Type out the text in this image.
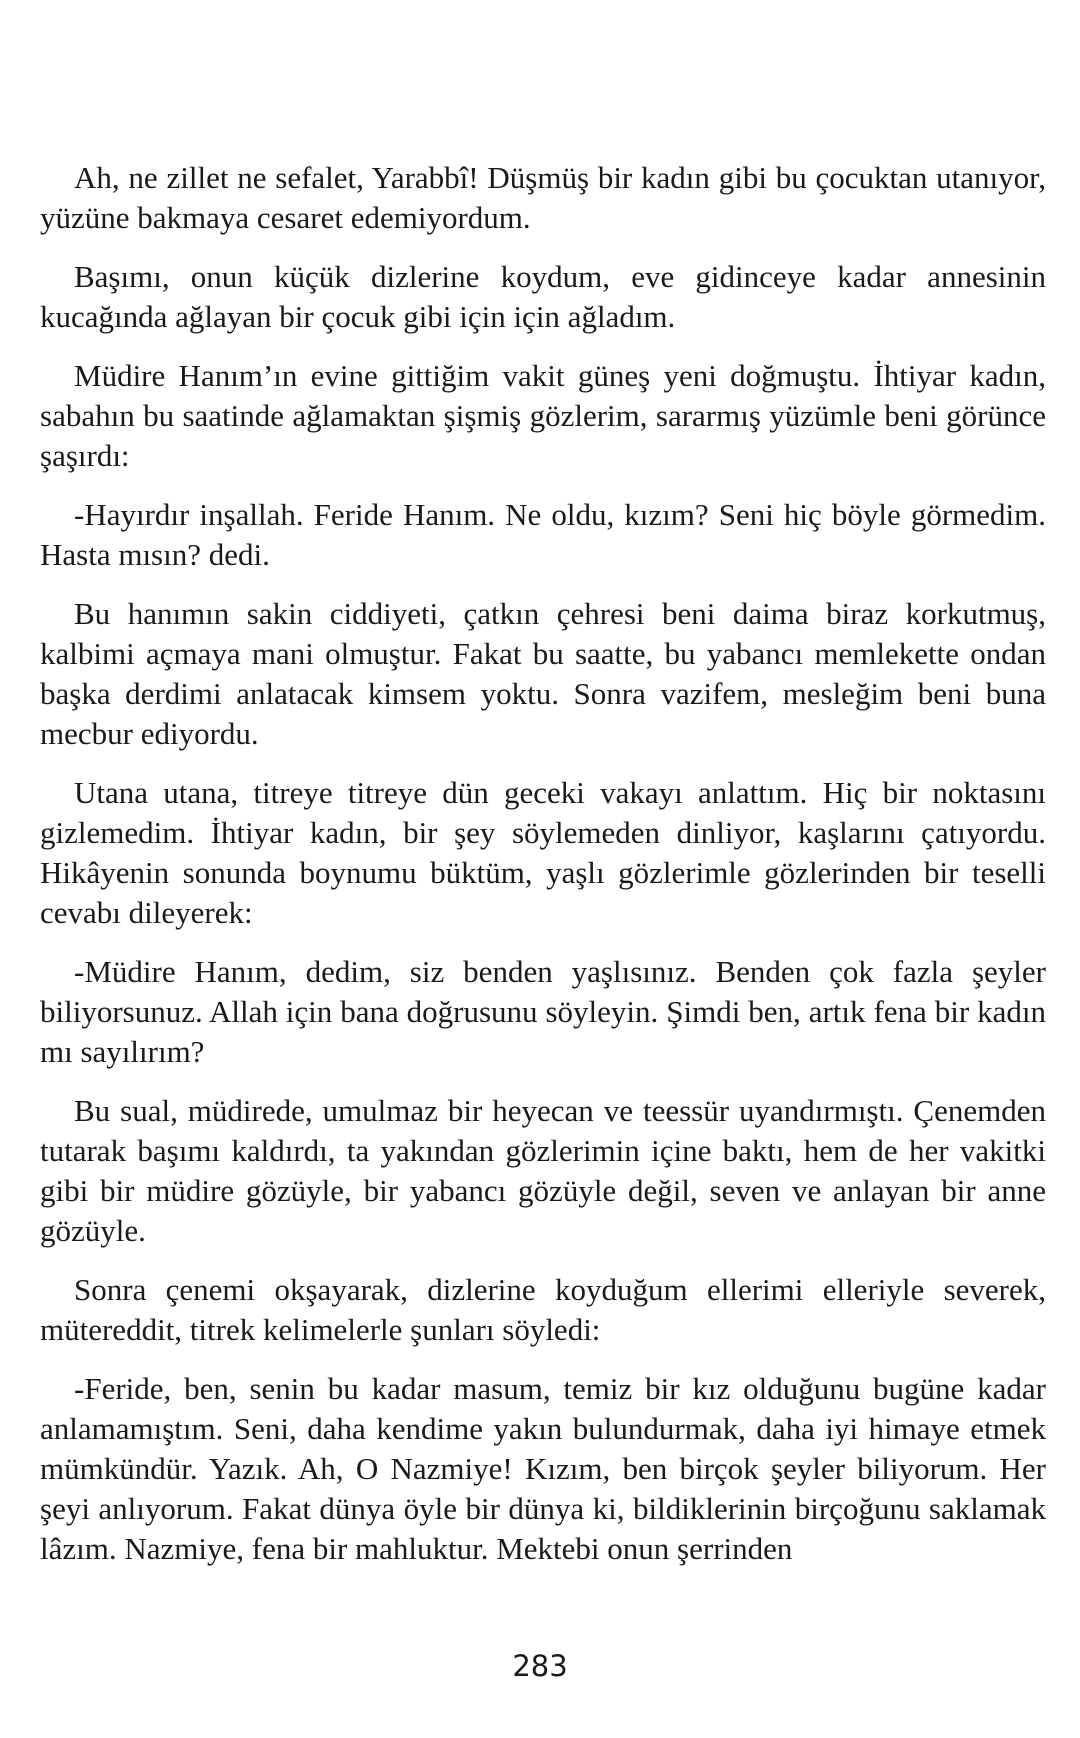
Ah, ne zillet ne sefalet, Yarabbî! Düşmüş bir kadın gibi bu çocuktan utanıyor, yüzüne bakmaya cesaret edemiyordum.

Başımı, onun küçük dizlerine koydum, eve gidinceye kadar annesinin kucağında ağlayan bir çocuk gibi için için ağladım.

Müdire Hanım’ın evine gittiğim vakit güneş yeni doğmuştu. İhtiyar kadın, sabahın bu saatinde ağlamaktan şişmiş gözlerim, sararmış yüzümle beni görünce şaşırdı:

-Hayırdır inşallah. Feride Hanım. Ne oldu, kızım? Seni hiç böyle görmedim. Hasta mısın? dedi.

Bu hanımın sakin ciddiyeti, çatkın çehresi beni daima biraz korkutmuş, kalbimi açmaya mani olmuştur. Fakat bu saatte, bu yabancı memlekette ondan başka derdimi anlatacak kimsem yoktu. Sonra vazifem, mesleğim beni buna mecbur ediyordu.

Utana utana, titreye titreye dün geceki vakayı anlattım. Hiç bir noktasını gizlemedim. İhtiyar kadın, bir şey söylemeden dinliyor, kaşlarını çatıyordu. Hikâyenin sonunda boynumu büktüm, yaşlı gözlerimle gözlerinden bir teselli cevabı dileyerek:

-Müdire Hanım, dedim, siz benden yaşlısınız. Benden çok fazla şeyler biliyorsunuz. Allah için bana doğrusunu söyleyin. Şimdi ben, artık fena bir kadın mı sayılırım?

Bu sual, müdirede, umulmaz bir heyecan ve teessür uyandırmıştı. Çenemden tutarak başımı kaldırdı, ta yakından gözlerimin içine baktı, hem de her vakitki gibi bir müdire gözüyle, bir yabancı gözüyle değil, seven ve anlayan bir anne gözüyle.

Sonra çenemi okşayarak, dizlerine koyduğum ellerimi elleriyle severek, mütereddit, titrek kelimelerle şunları söyledi:

-Feride, ben, senin bu kadar masum, temiz bir kız olduğunu bugüne kadar anlamamıştım. Seni, daha kendime yakın bulundurmak, daha iyi himaye etmek mümkündür. Yazık. Ah, O Nazmiye! Kızım, ben birçok şeyler biliyorum. Her şeyi anlıyorum. Fakat dünya öyle bir dünya ki, bildiklerinin birçoğunu saklamak lâzım. Nazmiye, fena bir mahluktur. Mektebi onun şerrinden

283
